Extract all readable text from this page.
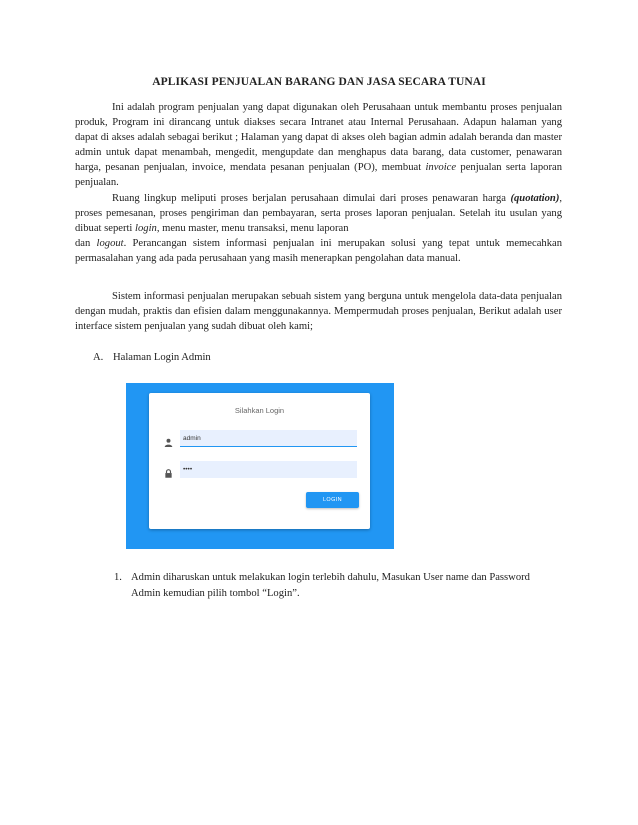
APLIKASI PENJUALAN BARANG DAN JASA SECARA TUNAI

Ini adalah program penjualan yang dapat digunakan oleh Perusahaan untuk membantu proses penjualan produk, Program ini dirancang untuk diakses secara Intranet atau Internal Perusahaan. Adapun halaman yang dapat di akses adalah sebagai berikut ; Halaman yang dapat di akses oleh bagian admin adalah beranda dan master admin untuk dapat menambah, mengedit, mengupdate dan menghapus data barang, data customer, penawaran harga, pesanan penjualan, invoice, mendata pesanan penjualan (PO), membuat invoice penjualan serta laporan penjualan.

Ruang lingkup meliputi proses berjalan perusahaan dimulai dari proses penawaran harga (quotation), proses pemesanan, proses pengiriman dan pembayaran, serta proses laporan penjualan. Setelah itu usulan yang dibuat seperti login, menu master, menu transaksi, menu laporan
dan logout. Perancangan sistem informasi penjualan ini merupakan solusi yang tepat untuk memecahkan permasalahan yang ada pada perusahaan yang masih menerapkan pengolahan data manual.

Sistem informasi penjualan merupakan sebuah sistem yang berguna untuk mengelola data-data penjualan dengan mudah, praktis dan efisien dalam menggunakannya. Mempermudah proses penjualan, Berikut adalah user interface sistem penjualan yang sudah dibuat oleh kami;

A. Halaman Login Admin
Silahkan Login
admin
••••
LOGIN
1. Admin diharuskan untuk melakukan login terlebih dahulu, Masukan User name dan Password Admin kemudian pilih tombol “Login”.
